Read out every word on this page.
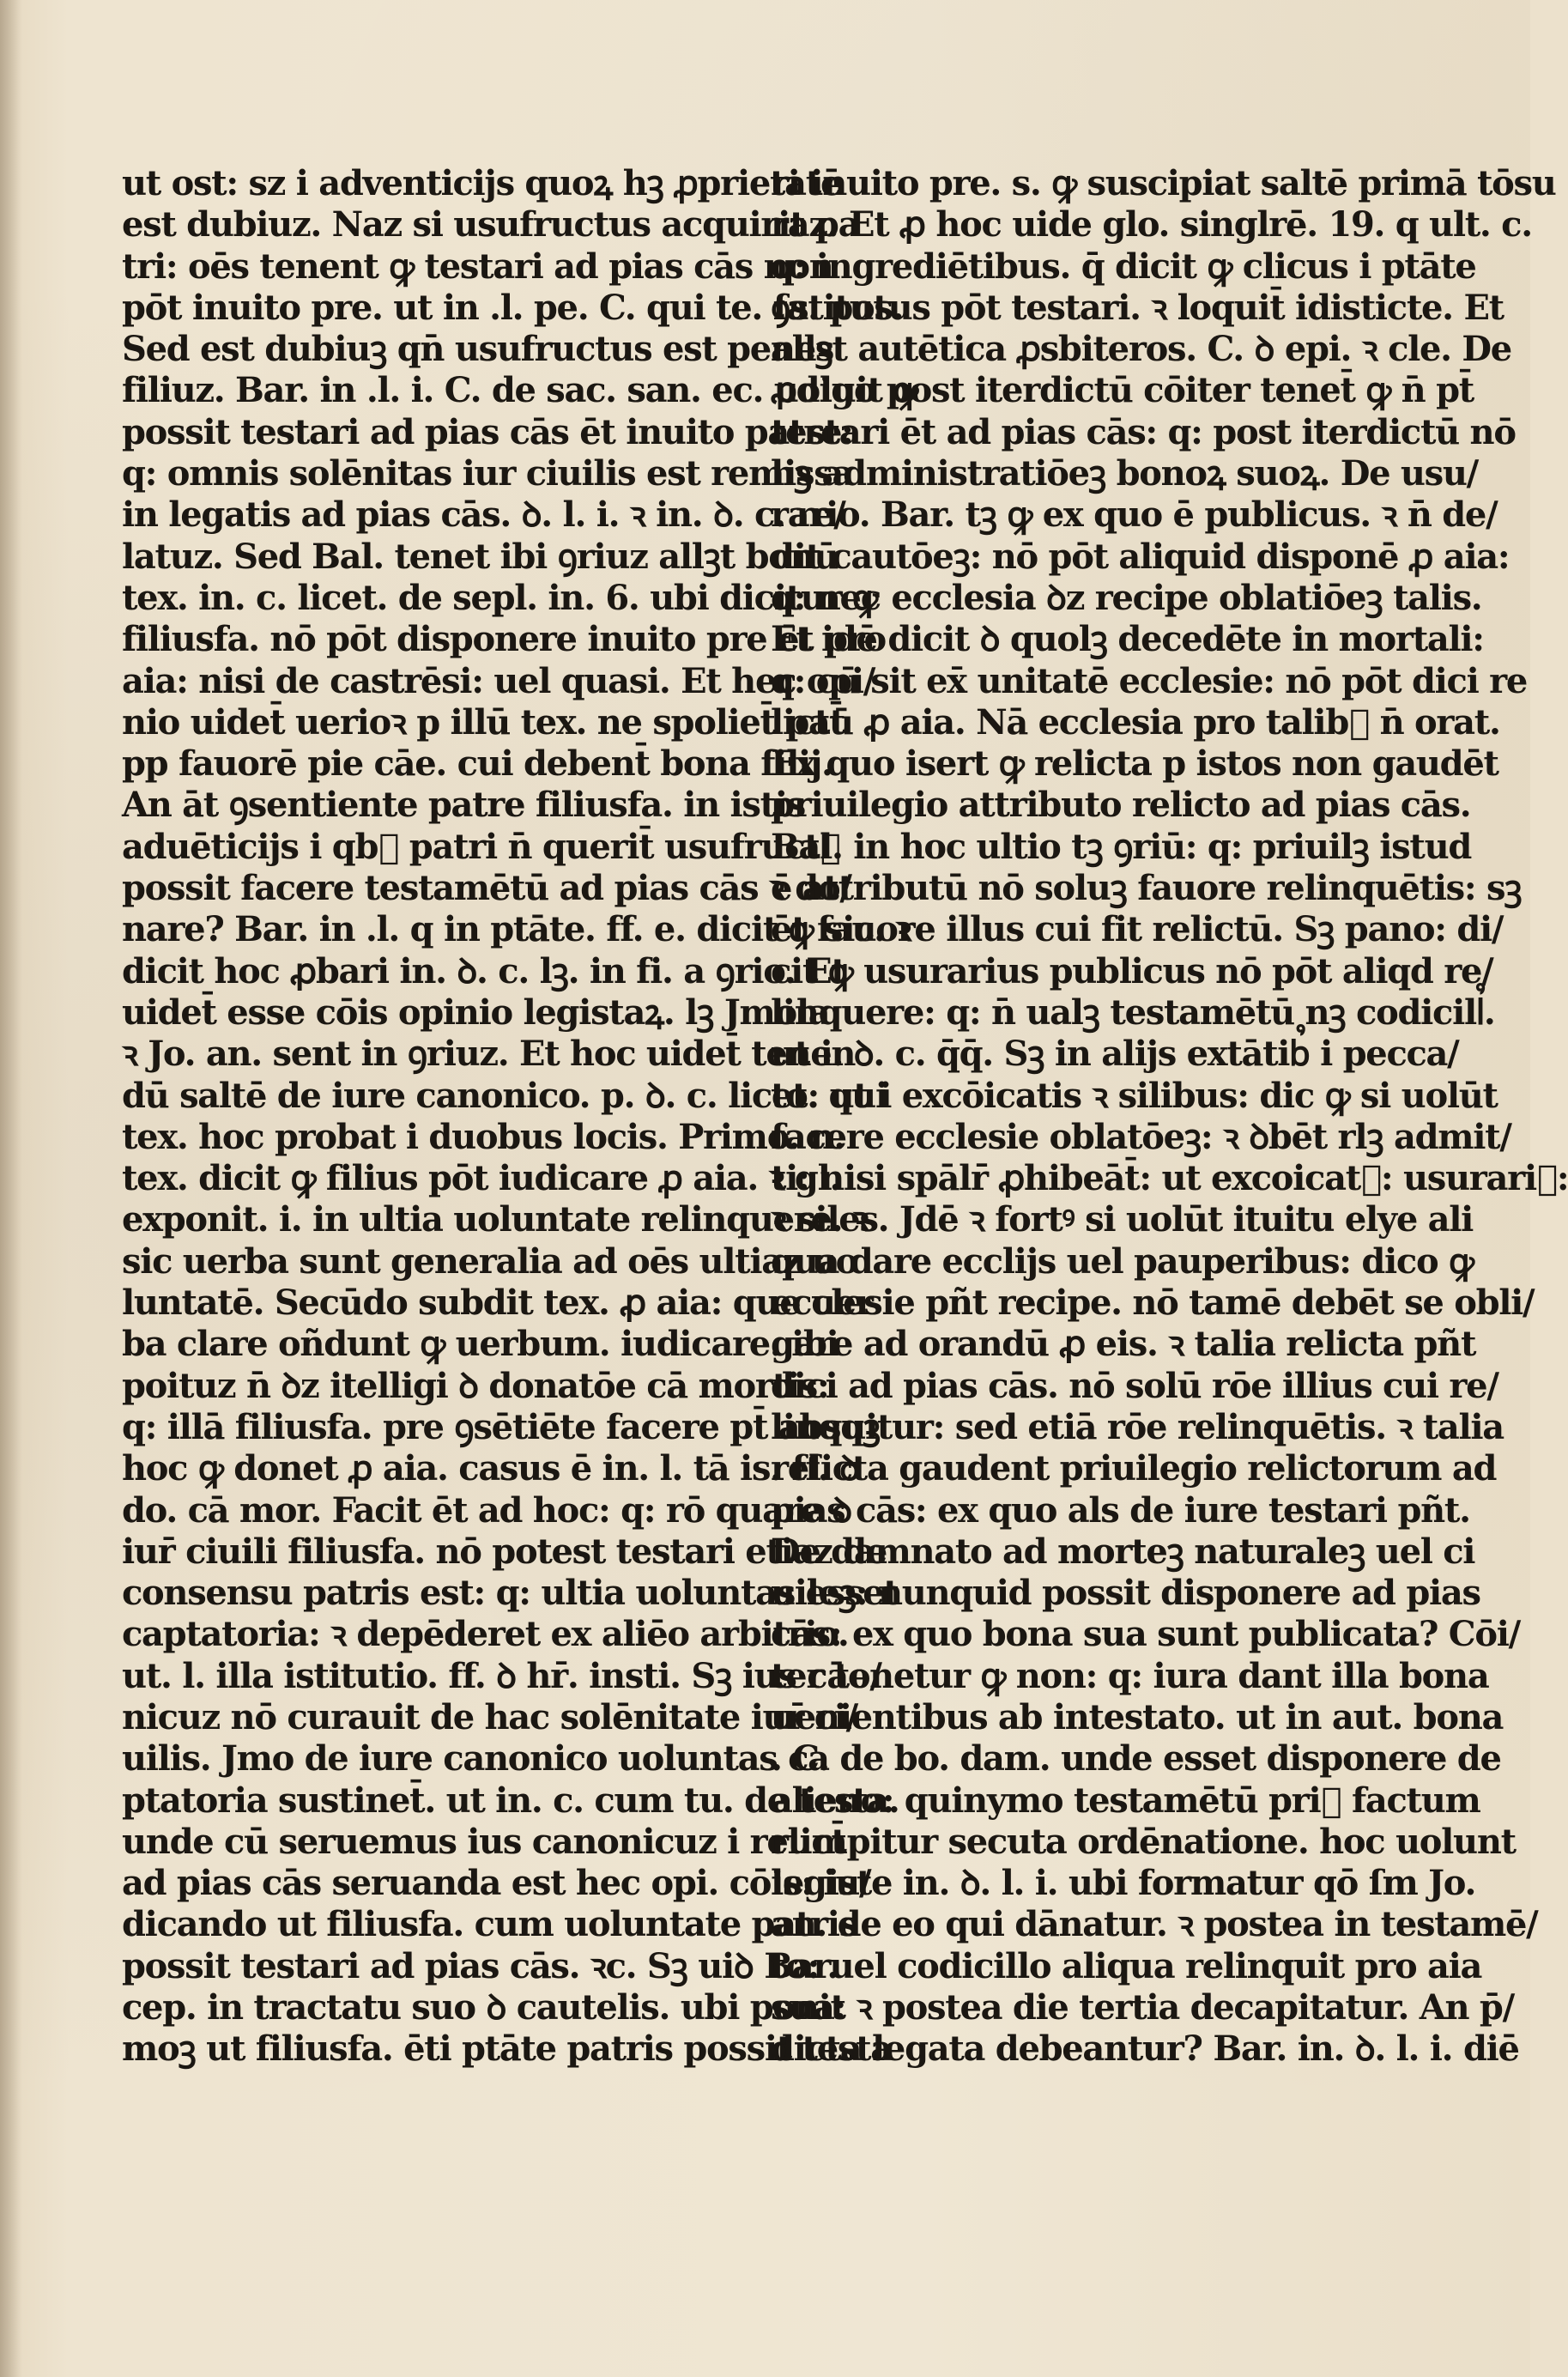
ut ost: sz i adventicijs quoꝝ hꝫ ꝓprietatē
est dubiuz. Naz si usufructus acquirit pa
tri: oēs tenent ꝙ testari ad pias cās non
pōt inuito pre. ut in .l. pe. C. qui te. fa. pos.
Sed est dubiuꝫ qn̄ usufructus est penes
filiuz. Bar. in .l. i. C. de sac. san. ec. uoluit ꝙ
possit testari ad pias cās ēt inuito patre:
q: omnis solēnitas iur ciuilis est remissa
in legatis ad pias cās. ꝺ. l. i. ꝛ in. ꝺ. c. re/
latuz. Sed Bal. tenet ibi ꝯriuz allꝫt bonū
tex. in. c. licet. de sepl. in. 6. ubi dicitur ꝙ
filiusfa. nō pōt disponere inuito pre ēt pro
aia: nisi de castrēsi: uel quasi. Et hec opi/
nio uidet̄ uerioꝛ p illū tex. ne spoliet̄ pat̄
pp fauorē pie cāe. cui debent̄ bona filij.
An āt ꝯsentiente patre filiusfa. in istis
aduēticijs i qb᷒ patri n̄ querit̄ usufruct᷒
possit facere testamētū ad pias cās ꝛ do/
nare? Bar. in .l. q in ptāte. ff. e. dicit ꝙ sic. ꝛ
dicit hoc ꝓbari in. ꝺ. c. lꝫ. in fi. a ꝯrio. Et
uidet̄ esse cōis opinio legistaꝝ. lꝫ Jmola:
ꝛ Jo. an. sent in ꝯriuz. Et hoc uidet̄ tenen
dū saltē de iure canonico. p. ꝺ. c. licet. qui
tex. hoc probat i duobus locis. Primo. n.
tex. dicit ꝙ filius pōt iudicare ꝓ aia. ꝛ gl.
exponit. i. in ultia uoluntate relinquere. ꝛ
sic uerba sunt generalia ad oēs ultiaz uo
luntatē. Secūdo subdit tex. ꝓ aia: que uer
ba clare oñdunt ꝙ uerbum. iudicare. ibi
poituz n̄ ꝺz itelligi ꝺ donatōe cā mortis:
q: illā filiusfa. pre ꝯsētiēte facere pt̄ absqꝫ
hoc ꝙ donet ꝓ aia. casus ē in. l. tā is. ff. ꝺ
do. cā mor. Facit ēt ad hoc: q: rō quare ꝺ
iur̄ ciuili filiusfa. nō potest testari etiaz de
consensu patris est: q: ultia uoluntas esset
captatoria: ꝛ depēderet ex aliēo arbitrio.
ut. l. illa istitutio. ff. ꝺ hr̄. insti. Sꝫ ius cāo/
nicuz nō curauit de hac solēnitate iur̄ ci/
uilis. Jmo de iure canonico uoluntas ca
ptatoria sustinet̄. ut in. c. cum tu. de testa.
unde cū seruemus ius canonicuz i relict̄
ad pias cās seruanda est hec opi. cōis: iu/
dicando ut filiusfa. cum uoluntate patris
possit testari ad pias cās. ꝛc. Sꝫ uiꝺ Bar.
cep. in tractatu suo ꝺ cautelis. ubi ponit
moꝫ ut filiusfa. ēti ptāte patris possit testa
ri inuito pre. s. ꝙ suscipiat saltē primā tōsu
raz. Et ꝓ hoc uide glo. singlrē. 19. q ult. c.
q: ingrediētibus. q̄ dicit ꝙ clicus i ptāte
ꝯstitutus pōt testari. ꝛ loquit̄ idisticte. Et
allꝫt autētica ꝓsbiteros. C. ꝺ epi. ꝛ cle. De
ꝓdigo post iterdictū cōiter tenet̄ ꝙ n̄ pt̄
testari ēt ad pias cās: q: post iterdictū nō
hꝫ administratiōeꝫ bonoꝝ suoꝝ. De usu/
rario. Bar. tꝫ ꝙ ex quo ē publicus. ꝛ n̄ de/
dit cautōeꝫ: nō pōt aliquid disponē ꝓ aia:
q: nec ecclesia ꝺz recipe oblatiōeꝫ talis.
Et idē dicit ꝺ quolꝫ decedēte in mortali:
q: cū sit ex̄ unitatē ecclesie: nō pōt dici re
lictū ꝓ aia. Nā ecclesia pro talib᷒ n̄ orat.
Ex quo isert ꝙ relicta p istos non gaudēt
priuilegio attributo relicto ad pias cās.
Bal. in hoc ultio tꝫ ꝯriū: q: priuilꝫ istud
ē attributū nō soluꝫ fauore relinquētis: sꝫ
ēt fauore illus cui fit relictū. Sꝫ pano: di/
cit ꝙ usurarius publicus nō pōt aliqd re/
linquere: q: n̄ ualꝫ testamētū nꝫ codicill᷒.
ut i. ꝺ. c. q̄q̄. Sꝫ in alijs extātib᷒ i pecca/
to: ut i excōicatis ꝛ silibus: dic ꝙ si uolūt
facere ecclesie oblatōeꝫ: ꝛ ꝺbēt rlꝫ admit/
ti: nisi spālr̄ ꝓhibeāt̄: ut excoicat᷒: usurari᷒:
ꝛ siles. Jdē ꝛ fortꝰ si uolūt ituitu elye ali
qua dare ecclijs uel pauperibus: dico ꝙ
ecclesie pñt recipe. nō tamē debēt se obli/
gare ad orandū ꝓ eis. ꝛ talia relicta pñt
dici ad pias cās. nō solū rōe illius cui re/
linquitur: sed etiā rōe relinquētis. ꝛ talia
relicta gaudent priuilegio relictorum ad
pias cās: ex quo als de iure testari pñt.
De damnato ad morteꝫ naturaleꝫ uel ci
uileꝫ: nunquid possit disponere ad pias
cās: ex quo bona sua sunt publicata? Cōi/
ter tenetur ꝙ non: q: iura dant illa bona
uenientibus ab intestato. ut in aut. bona
. C. de bo. dam. unde esset disponere de
alieno: quinymo testamētū pri᷒ factum
rumpitur secuta ordēnatione. hoc uolunt
legiste in. ꝺ. l. i. ubi formatur qō ſm Jo.
an. de eo qui dānatur. ꝛ postea in testamē/
to: uel codicillo aliqua relinquit pro aia
sua: ꝛ postea die tertia decapitatur. An p̄/
dicta legata debeantur? Bar. in. ꝺ. l. i. diē
